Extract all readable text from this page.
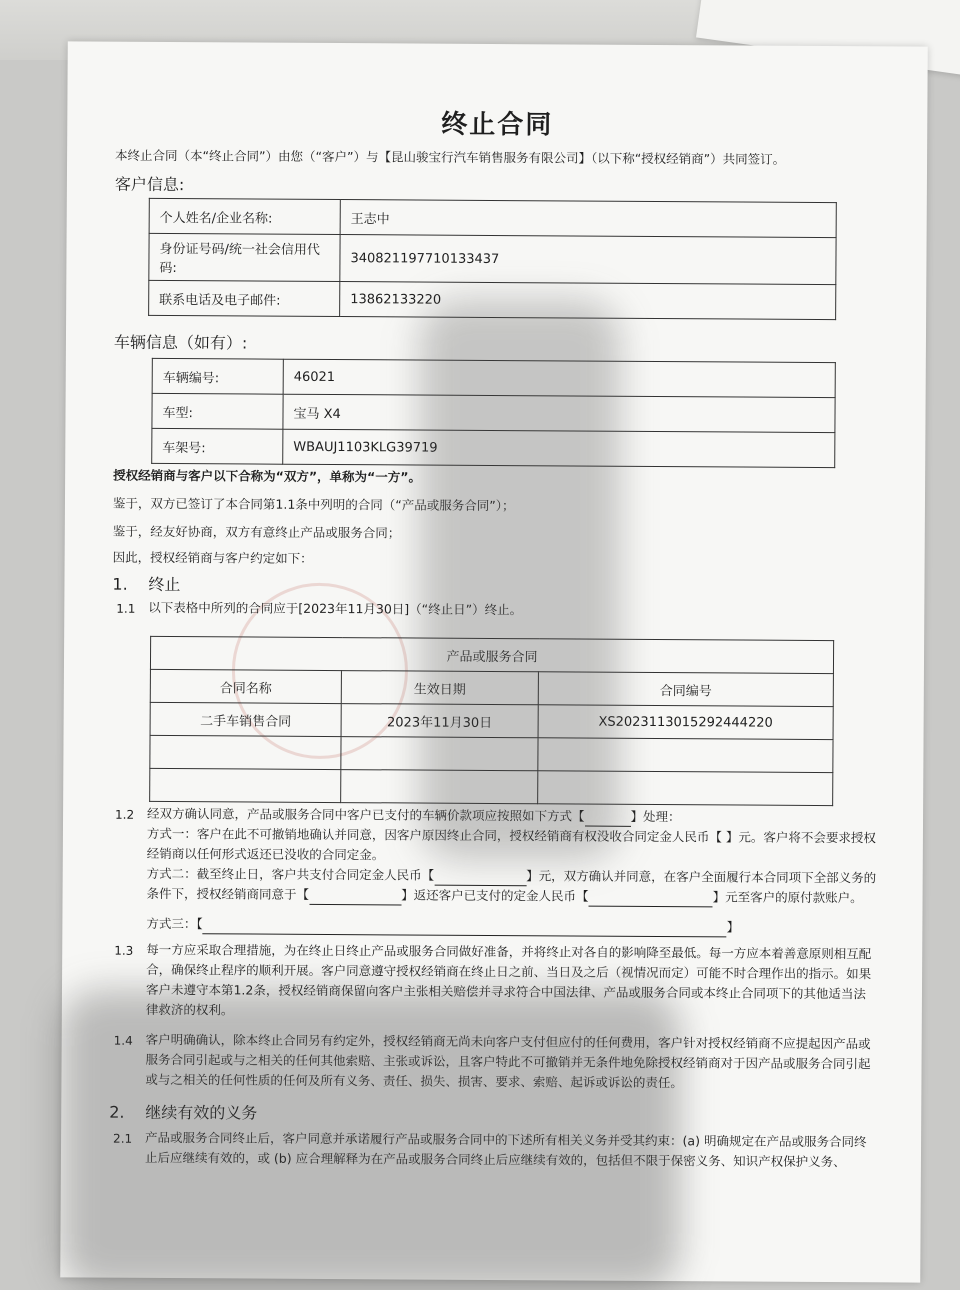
终止合同
本终止合同（本“终止合同”）由您（“客户”）与【昆山骏宝行汽车销售服务有限公司】（以下称“授权经销商”）共同签订。
客户信息:
个人姓名/企业名称:	王志中
身份证号码/统一社会信用代码:	340821197710133437
联系电话及电子邮件:	13862133220
车辆信息（如有）:
车辆编号:	46021
车型:	宝马 X4
车架号:	WBAUJ1103KLG39719
授权经销商与客户以下合称为“双方”，单称为“一方”。
鉴于，双方已签订了本合同第1.1条中列明的合同（“产品或服务合同”）；
鉴于，经友好协商，双方有意终止产品或服务合同；
因此，授权经销商与客户约定如下：
1. 终止
1.1 以下表格中所列的合同应于[2023年11月30日]（“终止日”）终止。
产品或服务合同		
合同名称	生效日期	合同编号
二手车销售合同	2023年11月30日	XS2023113015292444220

1.2 经双方确认同意，产品或服务合同中客户已支付的车辆价款项应按照如下方式【	】处理：
方式一：客户在此不可撤销地确认并同意，因客户原因终止合同，授权经销商有权没收合同定金人民币【 】元。客户将不会要求授权经销商以任何形式返还已没收的合同定金。
方式二：截至终止日，客户共支付合同定金人民币【	】元，双方确认并同意，在客户全面履行本合同项下全部义务的条件下，授权经销商同意于【	】返还客户已支付的定金人民币【	】元至客户的原付款账户。
方式三：【	】
1.3 每一方应采取合理措施，为在终止日终止产品或服务合同做好准备，并将终止对各自的影响降至最低。每一方应本着善意原则相互配合，确保终止程序的顺利开展。客户同意遵守授权经销商在终止日之前、当日及之后（视情况而定）可能不时合理作出的指示。如果客户未遵守本第1.2条，授权经销商保留向客户主张相关赔偿并寻求符合中国法律、产品或服务合同或本终止合同项下的其他适当法律救济的权利。
1.4 客户明确确认，除本终止合同另有约定外，授权经销商无尚未向客户支付但应付的任何费用，客户针对授权经销商不应提起因产品或服务合同引起或与之相关的任何其他索赔、主张或诉讼，且客户特此不可撤销并无条件地免除授权经销商对于因产品或服务合同引起或与之相关的任何性质的任何及所有义务、责任、损失、损害、要求、索赔、起诉或诉讼的责任。
2. 继续有效的义务
2.1 产品或服务合同终止后，客户同意并承诺履行产品或服务合同中的下述所有相关义务并受其约束：(a) 明确规定在产品或服务合同终止后应继续有效的，或 (b) 应合理解释为在产品或服务合同终止后应继续有效的，包括但不限于保密义务、知识产权保护义务、
